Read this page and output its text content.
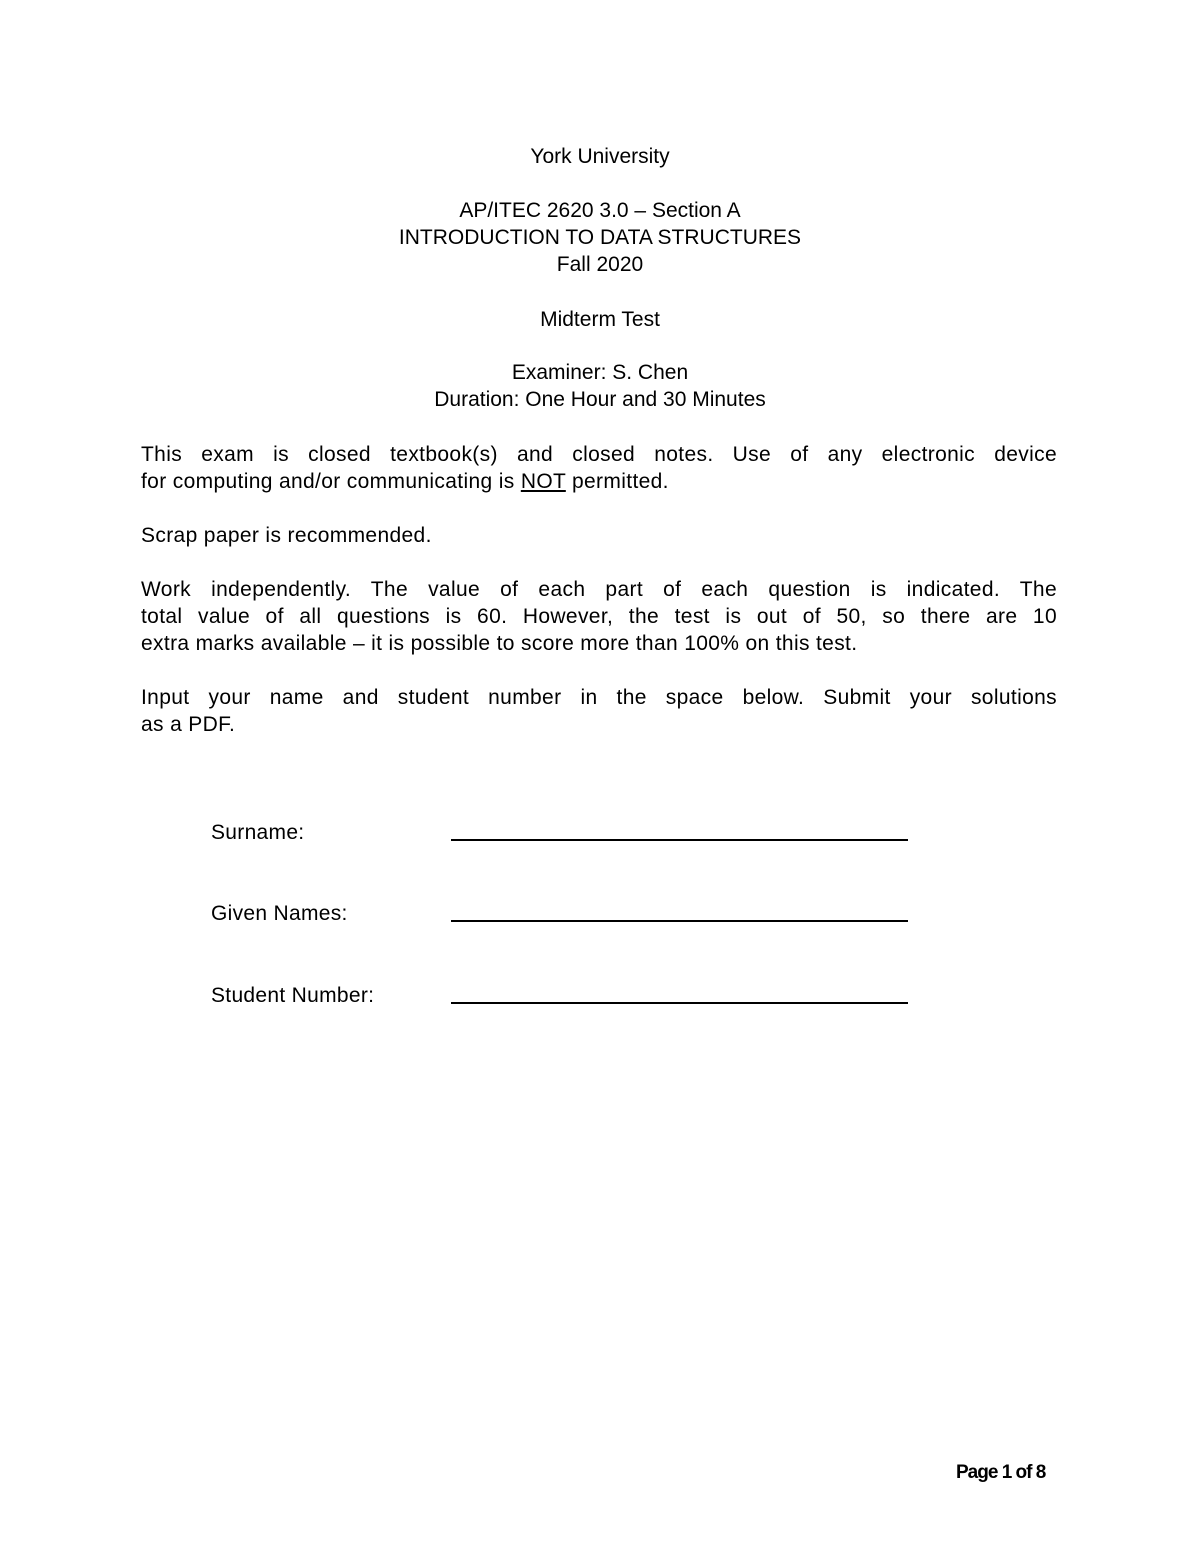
York University
AP/ITEC 2620 3.0 – Section A
INTRODUCTION TO DATA STRUCTURES
Fall 2020
Midterm Test
Examiner: S. Chen
Duration: One Hour and 30 Minutes
This exam is closed textbook(s) and closed notes. Use of any electronic device
for computing and/or communicating is NOT permitted.
Scrap paper is recommended.
Work independently. The value of each part of each question is indicated. The
total value of all questions is 60. However, the test is out of 50, so there are 10
extra marks available – it is possible to score more than 100% on this test.
Input your name and student number in the space below. Submit your solutions
as a PDF.
Surname:
Given Names:
Student Number:
Page 1 of 8
